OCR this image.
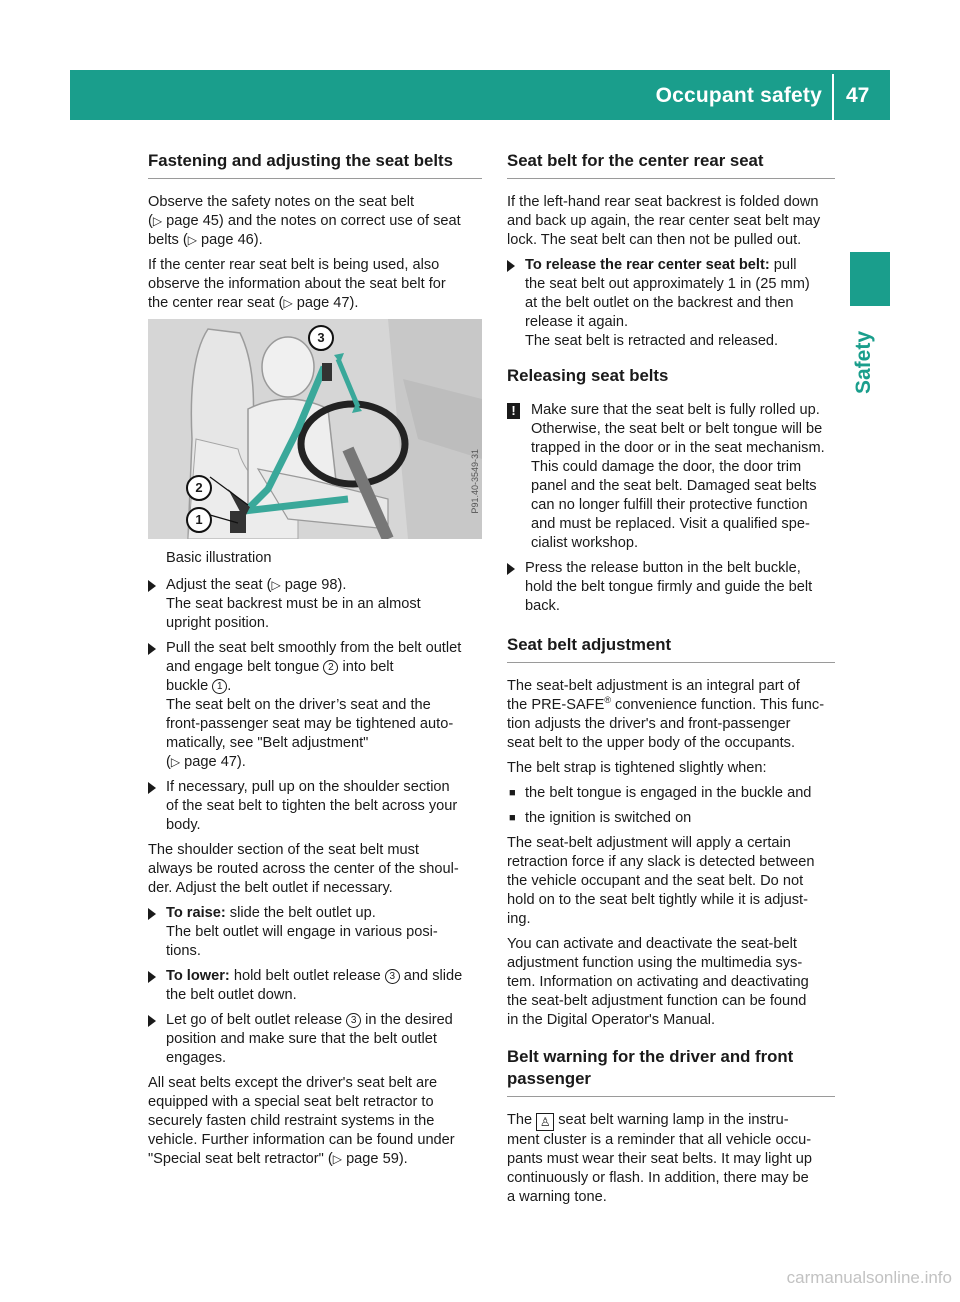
Occupant safety 47
Safety
Fastening and adjusting the seat belts

Observe the safety notes on the seat belt
(▷ page 45) and the notes on correct use of seat belts (▷ page 46).

If the center rear seat belt is being used, also
observe the information about the seat belt for
the center rear seat (▷ page 47).

3
2
1
P91.40-3549-31
Basic illustration
Adjust the seat (▷ page 98).
The seat backrest must be in an almost
upright position.
Pull the seat belt smoothly from the belt outlet
and engage belt tongue 2 into belt
buckle 1 .
The seat belt on the driver’s seat and the
front-passenger seat may be tightened auto-
matically, see "Belt adjustment"
(▷ page 47).
If necessary, pull up on the shoulder section
of the seat belt to tighten the belt across your
body.

The shoulder section of the seat belt must
always be routed across the center of the shoul-
der. Adjust the belt outlet if necessary.

To raise: slide the belt outlet up.
The belt outlet will engage in various posi-
tions.
To lower: hold belt outlet release 3 and slide
the belt outlet down.
Let go of belt outlet release 3 in the desired
position and make sure that the belt outlet
engages.

All seat belts except the driver's seat belt are
equipped with a special seat belt retractor to
securely fasten child restraint systems in the
vehicle. Further information can be found under
"Special seat belt retractor" (▷ page 59).

Seat belt for the center rear seat

If the left-hand rear seat backrest is folded down
and back up again, the rear center seat belt may
lock. The seat belt can then not be pulled out.

To release the rear center seat belt: pull
the seat belt out approximately 1 in (25 mm)
at the belt outlet on the backrest and then
release it again.
The seat belt is retracted and released.
Releasing seat belts
! Make sure that the seat belt is fully rolled up.
Otherwise, the seat belt or belt tongue will be
trapped in the door or in the seat mechanism.
This could damage the door, the door trim
panel and the seat belt. Damaged seat belts
can no longer fulfill their protective function
and must be replaced. Visit a qualified spe-
cialist workshop.
Press the release button in the belt buckle,
hold the belt tongue firmly and guide the belt
back.
Seat belt adjustment

The seat-belt adjustment is an integral part of
the PRE-SAFE® convenience function. This func-
tion adjusts the driver's and front-passenger
seat belt to the upper body of the occupants.

The belt strap is tightened slightly when:

■ the belt tongue is engaged in the buckle and
■ the ignition is switched on

The seat-belt adjustment will apply a certain
retraction force if any slack is detected between
the vehicle occupant and the seat belt. Do not
hold on to the seat belt tightly while it is adjust-
ing.

You can activate and deactivate the seat-belt
adjustment function using the multimedia sys-
tem. Information on activating and deactivating
the seat-belt adjustment function can be found
in the Digital Operator's Manual.

Belt warning for the driver and front
passenger

The ♙ seat belt warning lamp in the instru-
ment cluster is a reminder that all vehicle occu-
pants must wear their seat belts. It may light up
continuously or flash. In addition, there may be
a warning tone.

carmanualsonline.info
